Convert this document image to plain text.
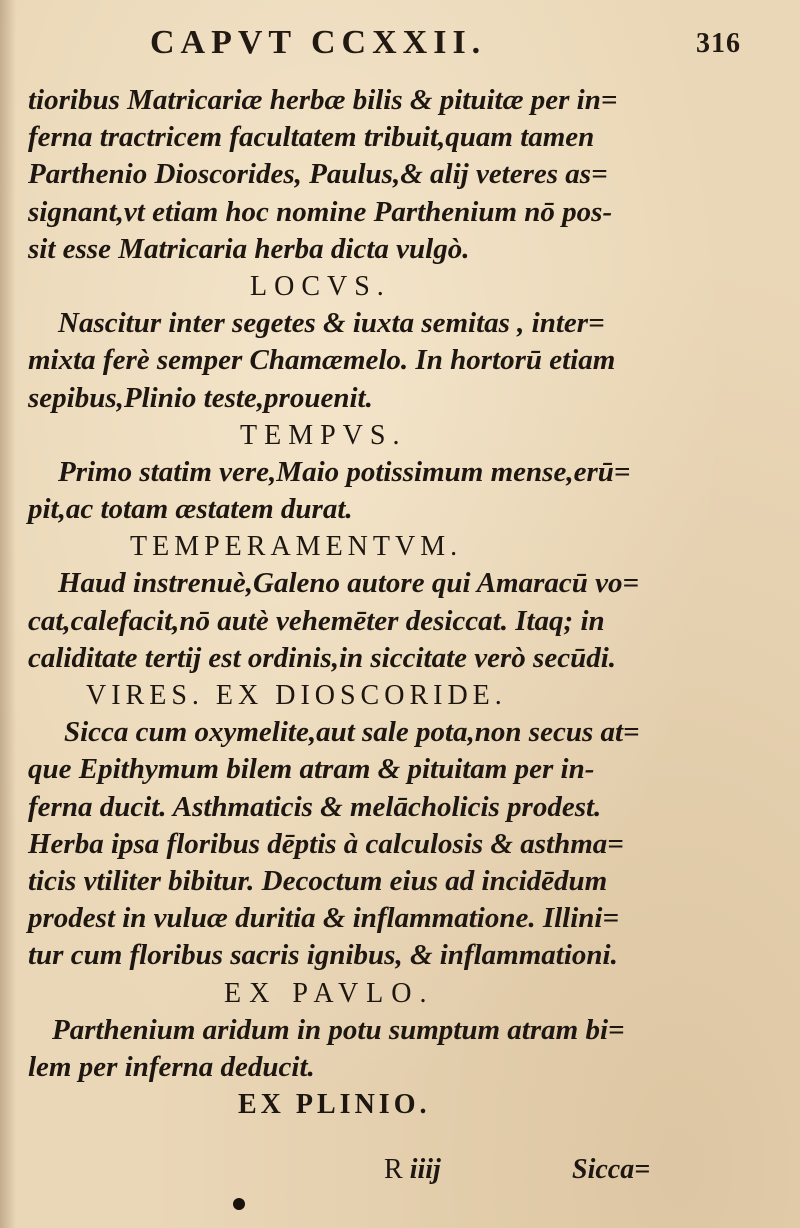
CAPVT CCXXII.	316
tioribus Matricariæ herbæ bilis & pituitæ per in=
ferna tractricem facultatem tribuit,quam tamen
Parthenio Dioscorides, Paulus,& alij veteres as=
signant,vt etiam hoc nomine Parthenium nō pos-
sit esse Matricaria herba dicta vulgò.
LOCVS.
Nascitur inter segetes & iuxta semitas , inter=
mixta ferè semper Chamæmelo. In hortorū etiam
sepibus,Plinio teste,prouenit.
TEMPVS.
Primo statim vere,Maio potissimum mense,erū=
pit,ac totam æstatem durat.
TEMPERAMENTVM.
Haud instrenuè,Galeno autore qui Amaracū vo=
cat,calefacit,nō autè vehemēter desiccat. Itaq; in
caliditate tertij est ordinis,in siccitate verò secūdi.
VIRES. EX DIOSCORIDE.
Sicca cum oxymelite,aut sale pota,non secus at=
que Epithymum bilem atram & pituitam per in-
ferna ducit. Asthmaticis & melācholicis prodest.
Herba ipsa floribus dēptis à calculosis & asthma=
ticis vtiliter bibitur. Decoctum eius ad incidēdum
prodest in vuluæ duritia & inflammatione. Illini=
tur cum floribus sacris ignibus, & inflammationi.
EX PAVLO.
Parthenium aridum in potu sumptum atram bi=
lem per inferna deducit.
EX PLINIO.
R iiij	Sicca=
